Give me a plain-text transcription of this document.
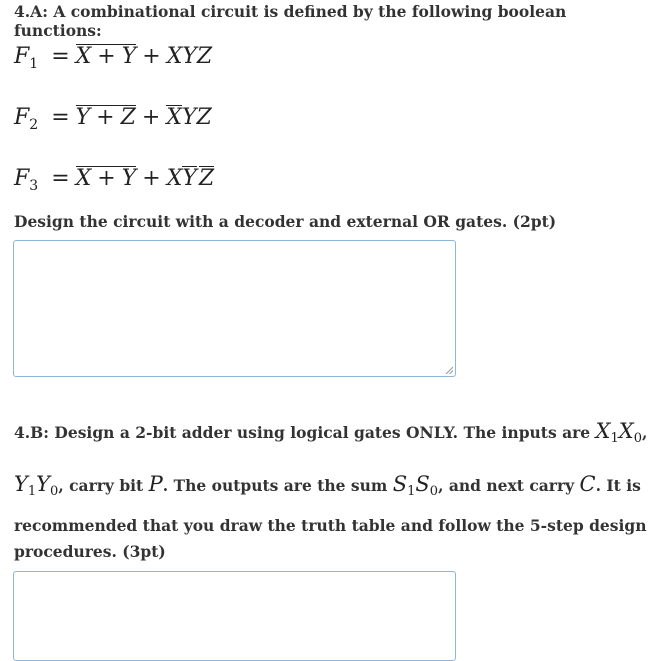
4.A: A combinational circuit is defined by the following boolean functions:
$F_1 = X + Y$ + XYZ
$F_2 = Y + Z$ + XYZ
$F_3 = X + Y$ + XYZ
Design the circuit with a decoder and external OR gates. (2pt)
4.B: Design a 2-bit adder using logical gates ONLY. The inputs are X1X0,
Y1Y0, carry bit P. The outputs are the sum S1S0, and next carry C. It is
recommended that you draw the truth table and follow the 5-step design
procedures. (3pt)
